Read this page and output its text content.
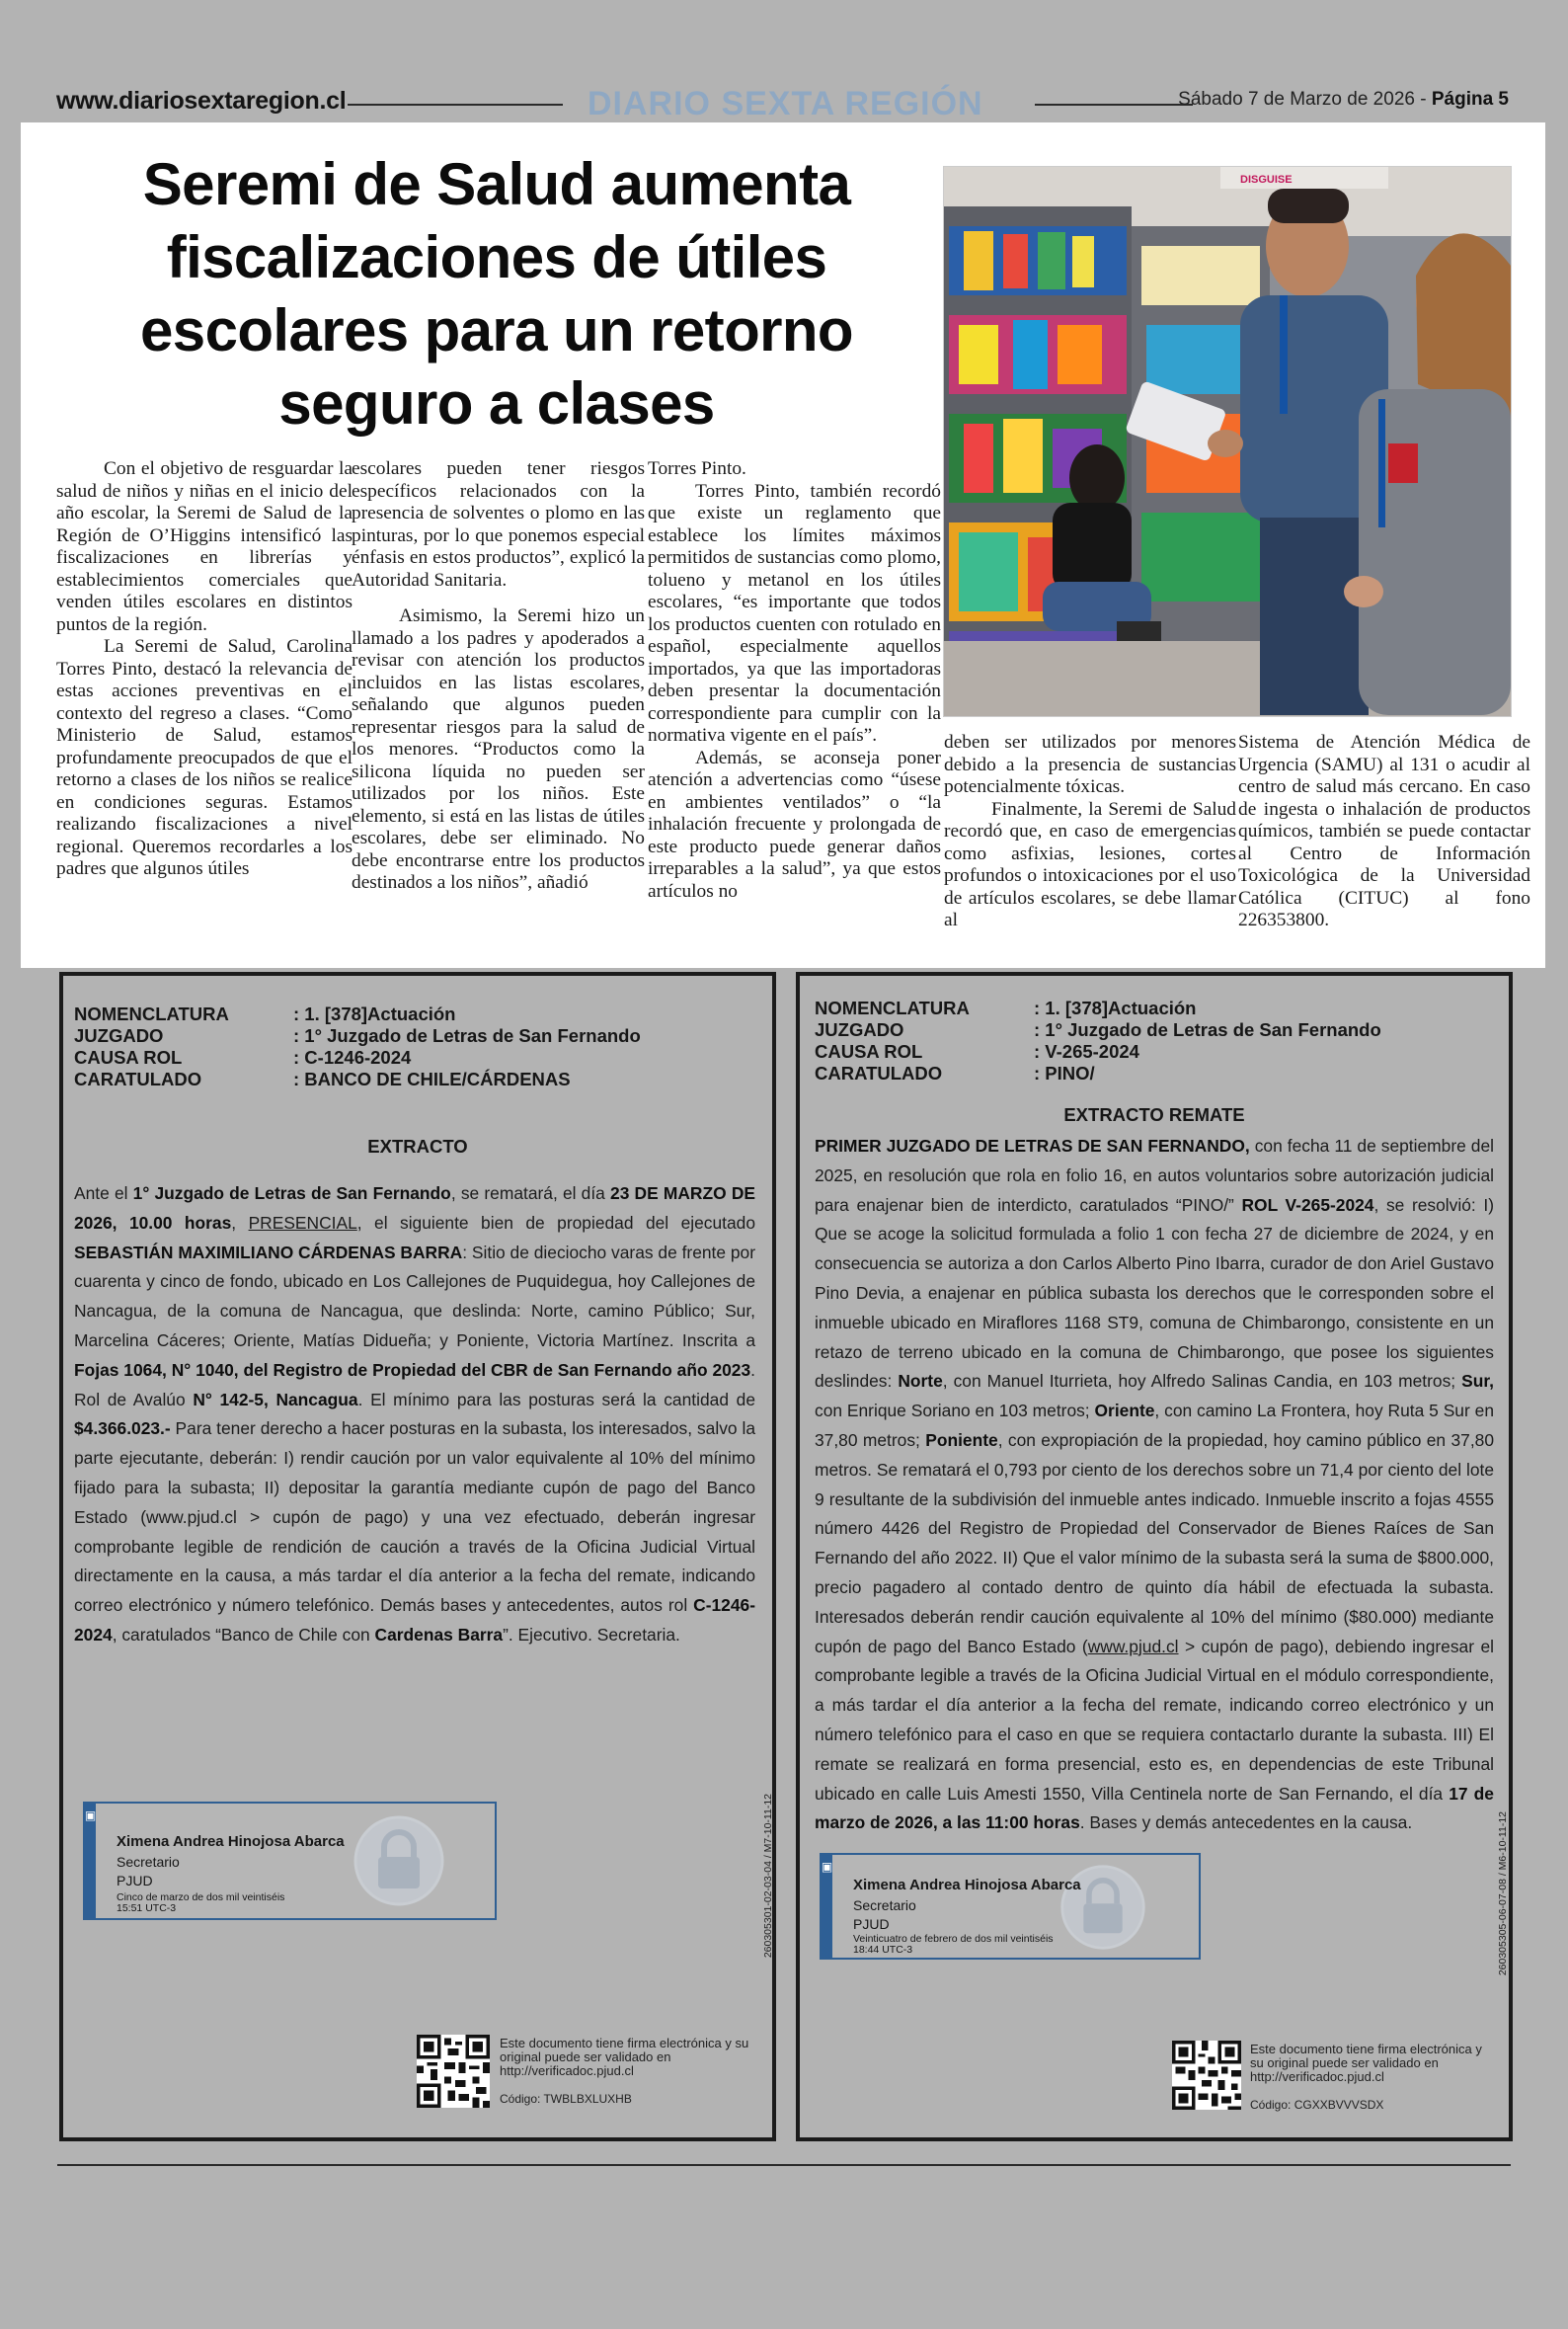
www.diariosextaregion.cl	DIARIO SEXTA REGIÓN	Sábado 7 de Marzo de 2026 - Página 5
Seremi de Salud aumenta
fiscalizaciones de útiles
escolares para un retorno
seguro a clases

Con el objetivo de resguardar la salud de niños y niñas en el inicio del año escolar, la Seremi de Salud de la Región de O’Higgins intensificó las fiscalizaciones en librerías y establecimientos comerciales que venden útiles escolares en distintos puntos de la región.

La Seremi de Salud, Carolina Torres Pinto, destacó la relevancia de estas acciones preventivas en el contexto del regreso a clases. “Como Ministerio de Salud, estamos profundamente preocupados de que el retorno a clases de los niños se realice en condiciones seguras. Estamos realizando fiscalizaciones a nivel regional. Queremos recordarles a los padres que algunos útiles

escolares pueden tener riesgos específicos relacionados con la presencia de solventes o plomo en las pinturas, por lo que ponemos especial énfasis en estos productos”, explicó la Autoridad Sanitaria.

Asimismo, la Seremi hizo un llamado a los padres y apoderados a revisar con atención los productos incluidos en las listas escolares, señalando que algunos pueden representar riesgos para la salud de los menores. “Productos como la silicona líquida no pueden ser utilizados por los niños. Este elemento, si está en las listas de útiles escolares, debe ser eliminado. No debe encontrarse entre los productos destinados a los niños”, añadió

Torres Pinto.

Torres Pinto, también recordó que existe un reglamento que establece los límites máximos permitidos de sustancias como plomo, tolueno y metanol en los útiles escolares, “es importante que todos los productos cuenten con rotulado en español, especialmente aquellos importados, ya que las importadoras deben presentar la documentación correspondiente para cumplir con la normativa vigente en el país”.

Además, se aconseja poner atención a advertencias como “úsese en ambientes ventilados” o “la inhalación frecuente y prolongada de este producto puede generar daños irreparables a la salud”, ya que estos artículos no

deben ser utilizados por menores debido a la presencia de sustancias potencialmente tóxicas.

Finalmente, la Seremi de Salud recordó que, en caso de emergencias como asfixias, lesiones, cortes profundos o intoxicaciones por el uso de artículos escolares, se debe llamar al

Sistema de Atención Médica de Urgencia (SAMU) al 131 o acudir al centro de salud más cercano. En caso de ingesta o inhalación de productos químicos, también se puede contactar al Centro de Información Toxicológica de la Universidad Católica (CITUC) al fono 226353800.

DISGUISE
NOMENCLATURA	: 1. [378]Actuación
JUZGADO	: 1° Juzgado de Letras de San Fernando
CAUSA ROL	: C-1246-2024
CARATULADO	: BANCO DE CHILE/CÁRDENAS
EXTRACTO
Ante el 1° Juzgado de Letras de San Fernando, se rematará, el día 23 DE MARZO DE 2026, 10.00 horas, PRESENCIAL, el siguiente bien de propiedad del ejecutado SEBASTIÁN MAXIMILIANO CÁRDENAS BARRA: Sitio de dieciocho varas de frente por cuarenta y cinco de fondo, ubicado en Los Callejones de Puquidegua, hoy Callejones de Nancagua, de la comuna de Nancagua, que deslinda: Norte, camino Público; Sur, Marcelina Cáceres; Oriente, Matías Didueña; y Poniente, Victoria Martínez. Inscrita a Fojas 1064, N° 1040, del Registro de Propiedad del CBR de San Fernando año 2023. Rol de Avalúo N° 142-5, Nancagua. El mínimo para las posturas será la cantidad de $4.366.023.- Para tener derecho a hacer posturas en la subasta, los interesados, salvo la parte ejecutante, deberán: I) rendir caución por un valor equivalente al 10% del mínimo fijado para la subasta; II) depositar la garantía mediante cupón de pago del Banco Estado (www.pjud.cl > cupón de pago) y una vez efectuado, deberán ingresar comprobante legible de rendición de caución a través de la Oficina Judicial Virtual directamente en la causa, a más tardar el día anterior a la fecha del remate, indicando correo electrónico y número telefónico. Demás bases y antecedentes, autos rol C-1246-2024, caratulados “Banco de Chile con Cardenas Barra”. Ejecutivo. Secretaria.
▣
Ximena Andrea Hinojosa Abarca
Secretario
PJUD
Cinco de marzo de dos mil veintiséis
15:51 UTC-3	260305301-02-03-04 / M7-10-11-12
Este documento tiene firma electrónica y su original puede ser validado en http://verificadoc.pjud.cl
Código: TWBLBXLUXHB
NOMENCLATURA	: 1. [378]Actuación
JUZGADO	: 1° Juzgado de Letras de San Fernando
CAUSA ROL	: V-265-2024
CARATULADO	: PINO/
EXTRACTO REMATE
PRIMER JUZGADO DE LETRAS DE SAN FERNANDO, con fecha 11 de septiembre del 2025, en resolución que rola en folio 16, en autos voluntarios sobre autorización judicial para enajenar bien de interdicto, caratulados “PINO/” ROL V-265-2024, se resolvió: I) Que se acoge la solicitud formulada a folio 1 con fecha 27 de diciembre de 2024, y en consecuencia se autoriza a don Carlos Alberto Pino Ibarra, curador de don Ariel Gustavo Pino Devia, a enajenar en pública subasta los derechos que le corresponden sobre el inmueble ubicado en Miraflores 1168 ST9, comuna de Chimbarongo, consistente en un retazo de terreno ubicado en la comuna de Chimbarongo, que posee los siguientes deslindes: Norte, con Manuel Iturrieta, hoy Alfredo Salinas Candia, en 103 metros; Sur, con Enrique Soriano en 103 metros; Oriente, con camino La Frontera, hoy Ruta 5 Sur en 37,80 metros; Poniente, con expropiación de la propiedad, hoy camino público en 37,80 metros. Se rematará el 0,793 por ciento de los derechos sobre un 71,4 por ciento del lote 9 resultante de la subdivisión del inmueble antes indicado. Inmueble inscrito a fojas 4555 número 4426 del Registro de Propiedad del Conservador de Bienes Raíces de San Fernando del año 2022. II) Que el valor mínimo de la subasta será la suma de $800.000, precio pagadero al contado dentro de quinto día hábil de efectuada la subasta. Interesados deberán rendir caución equivalente al 10% del mínimo ($80.000) mediante cupón de pago del Banco Estado (www.pjud.cl > cupón de pago), debiendo ingresar el comprobante legible a través de la Oficina Judicial Virtual en el módulo correspondiente, a más tardar el día anterior a la fecha del remate, indicando correo electrónico y un número telefónico para el caso en que se requiera contactarlo durante la subasta. III) El remate se realizará en forma presencial, esto es, en dependencias de este Tribunal ubicado en calle Luis Amesti 1550, Villa Centinela norte de San Fernando, el día 17 de marzo de 2026, a las 11:00 horas. Bases y demás antecedentes en la causa.
▣
Ximena Andrea Hinojosa Abarca
Secretario
PJUD
Veinticuatro de febrero de dos mil veintiséis
18:44 UTC-3	260305305-06-07-08 / M6-10-11-12
Este documento tiene firma electrónica y su original puede ser validado en http://verificadoc.pjud.cl
Código: CGXXBVVVSDX
